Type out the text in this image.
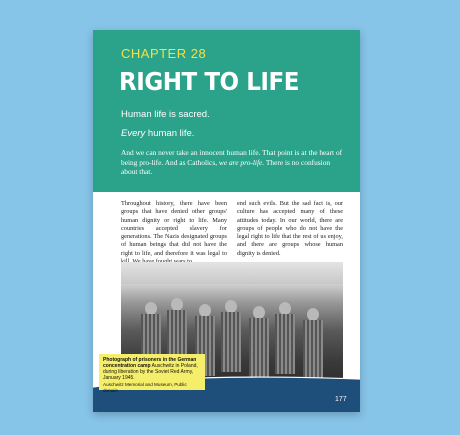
CHAPTER 28
RIGHT TO LIFE

Human life is sacred.

Every human life.

And we can never take an innocent human life. That point is at the heart of being pro-life. And as Catholics, we are pro-life. There is no confusion about that.

Throughout history, there have been groups that have denied other groups' human dignity or right to life. Many countries accepted slavery for generations. The Nazis designated groups of human beings that did not have the right to life, and therefore it was legal to

end such evils. But the sad fact is, our culture has accepted many of these attitudes today. In our world, there are groups of people who do not have the legal right to life that the rest of us enjoy, and there are groups whose human dignity is denied.

Photograph of prisoners in the German concentration camp Auschwitz in Poland, during liberation by the Soviet Red Army, January 1945.
Auschwitz Memorial and Museum, Public domain
177
